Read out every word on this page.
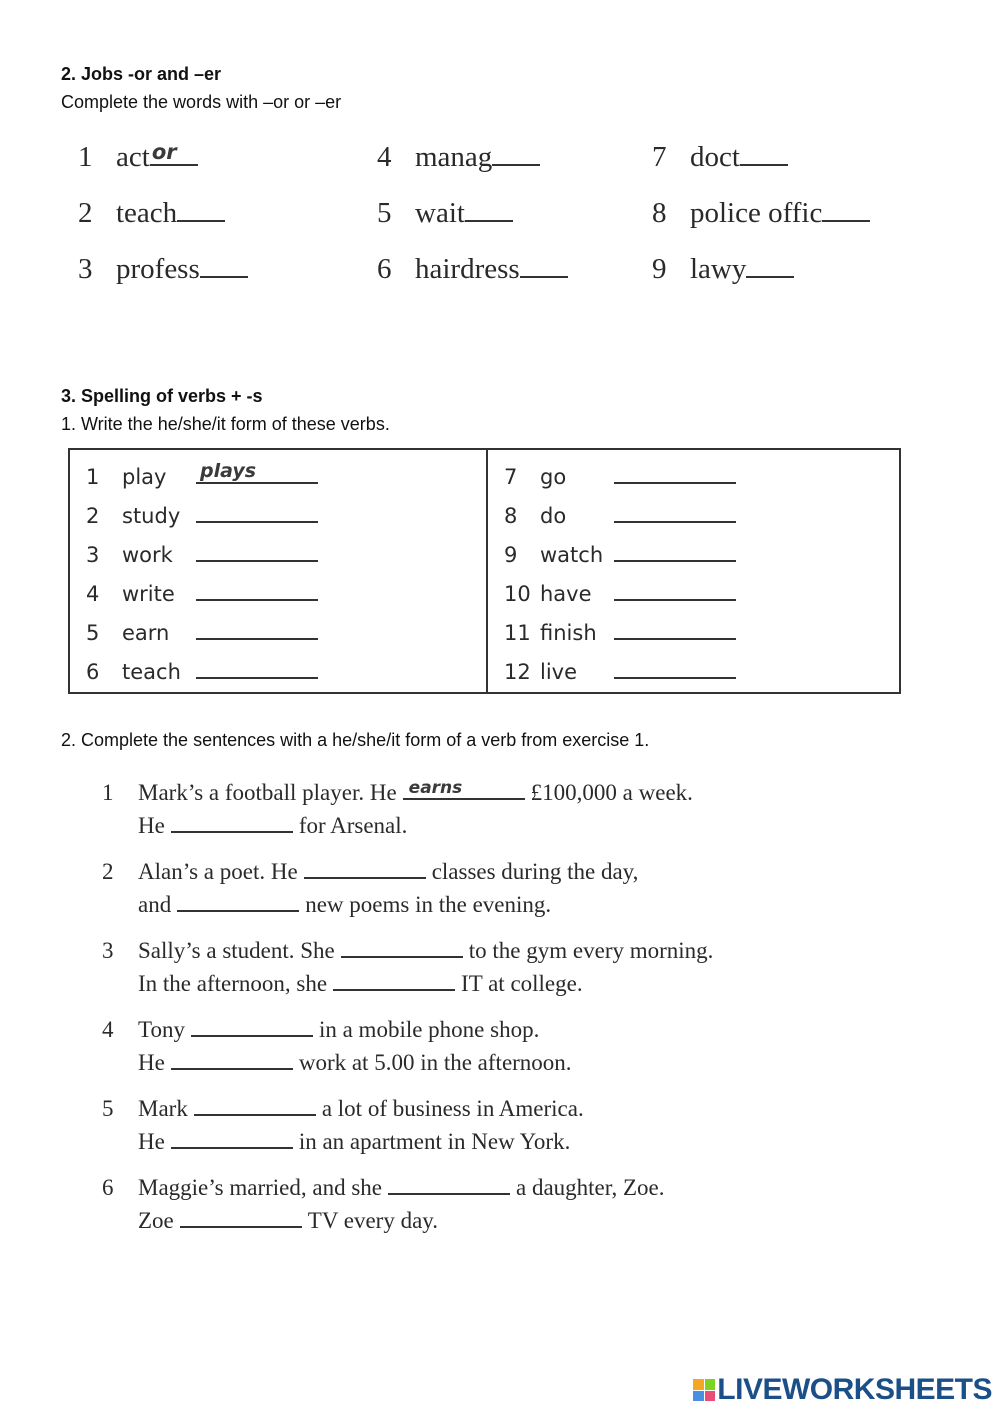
2. Jobs -or and –er
Complete the words with –or or –er
1 act or	4 manag	7 doct
2 teach	5 wait	8 police offic
3 profess	6 hairdress	9 lawy
3. Spelling of verbs + -s
1. Write the he/she/it form of these verbs.
1	play	plays
2	study
3	work
4	write
5	earn
6	teach
7	go
8	do
9	watch
10 have
11 finish
12 live
2. Complete the sentences with a he/she/it form of a verb from exercise 1.
1 Mark’s a football player. He earns	£100,000 a week.
He	for Arsenal.
2 Alan’s a poet. He	classes during the day,
and	new poems in the evening.
3 Sally’s a student. She	to the gym every morning.
In the afternoon, she	IT at college.
4 Tony	in a mobile phone shop.
He	work at 5.00 in the afternoon.
5 Mark	a lot of business in America.
He	in an apartment in New York.
6 Maggie’s married, and she	a daughter, Zoe.
Zoe	TV every day.
LIVEWORKSHEETS
